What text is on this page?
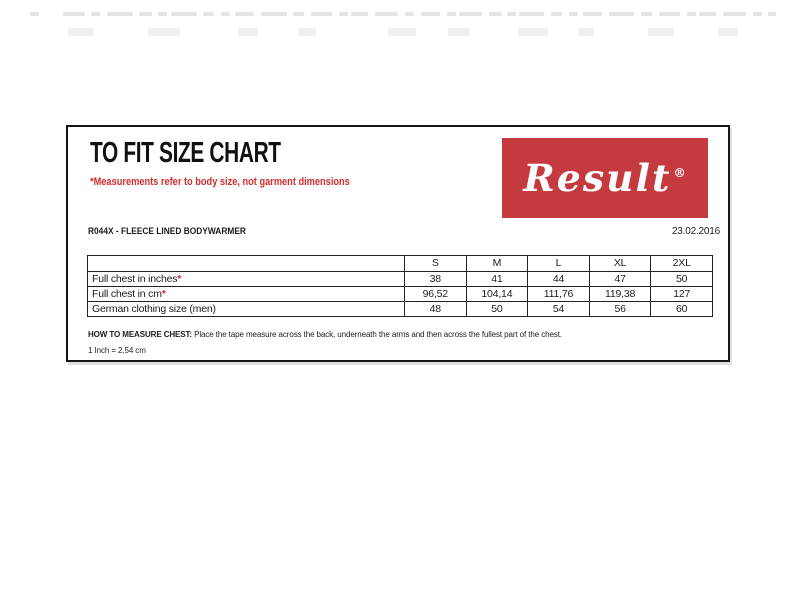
TO FIT SIZE CHART
*Measurements refer to body size, not garment dimensions	Result ®
R044X - FLEECE LINED BODYWARMER	23.02.2016
	S	M	L	XL	2XL
Full chest in inches*	38	41	44	47	50
Full chest in cm*	96,52	104,14	111,76	119,38	127
German clothing size (men)	48	50	54	56	60
HOW TO MEASURE CHEST: Place the tape measure across the back, underneath the arms and then across the fullest part of the chest.
1 Inch = 2,54 cm
